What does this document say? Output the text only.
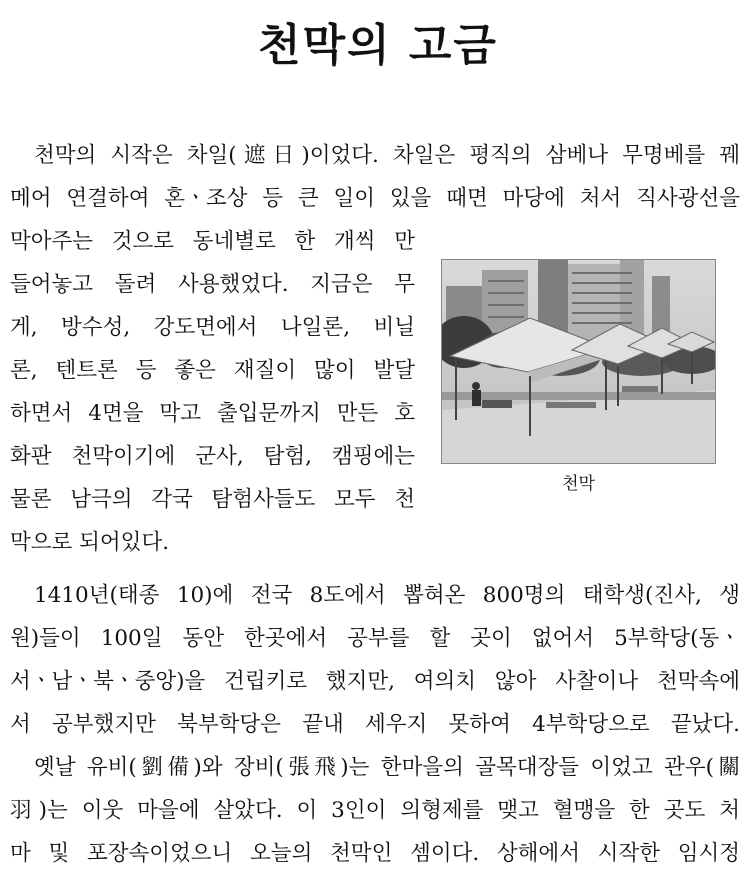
천막의 고금
천막의 시작은 차일(遮日)이었다. 차일은 평직의 삼베나 무명베를 꿰
메어 연결하여 혼ㆍ조상 등 큰 일이 있을 때면 마당에 처서 직사광선을
막아주는 것으로 동네별로 한 개씩 만
들어놓고 돌려 사용했었다. 지금은 무
게, 방수성, 강도면에서 나일론, 비닐
론, 텐트론 등 좋은 재질이 많이 발달
하면서 4면을 막고 출입문까지 만든 호
화판 천막이기에 군사, 탐험, 캠핑에는
물론 남극의 각국 탐험사들도 모두 천
막으로 되어있다.
1410년(태종 10)에 전국 8도에서 뽑혀온 800명의 태학생(진사, 생
원)들이 100일 동안 한곳에서 공부를 할 곳이 없어서 5부학당(동ㆍ
서ㆍ남ㆍ북ㆍ중앙)을 건립키로 했지만, 여의치 않아 사찰이나 천막속에
서 공부했지만 북부학당은 끝내 세우지 못하여 4부학당으로 끝났다.
옛날 유비(劉備)와 장비(張飛)는 한마을의 골목대장들 이었고 관우(關
羽)는 이웃 마을에 살았다. 이 3인이 의형제를 맺고 혈맹을 한 곳도 처
마 및 포장속이었으니 오늘의 천막인 셈이다. 상해에서 시작한 임시정
천막
